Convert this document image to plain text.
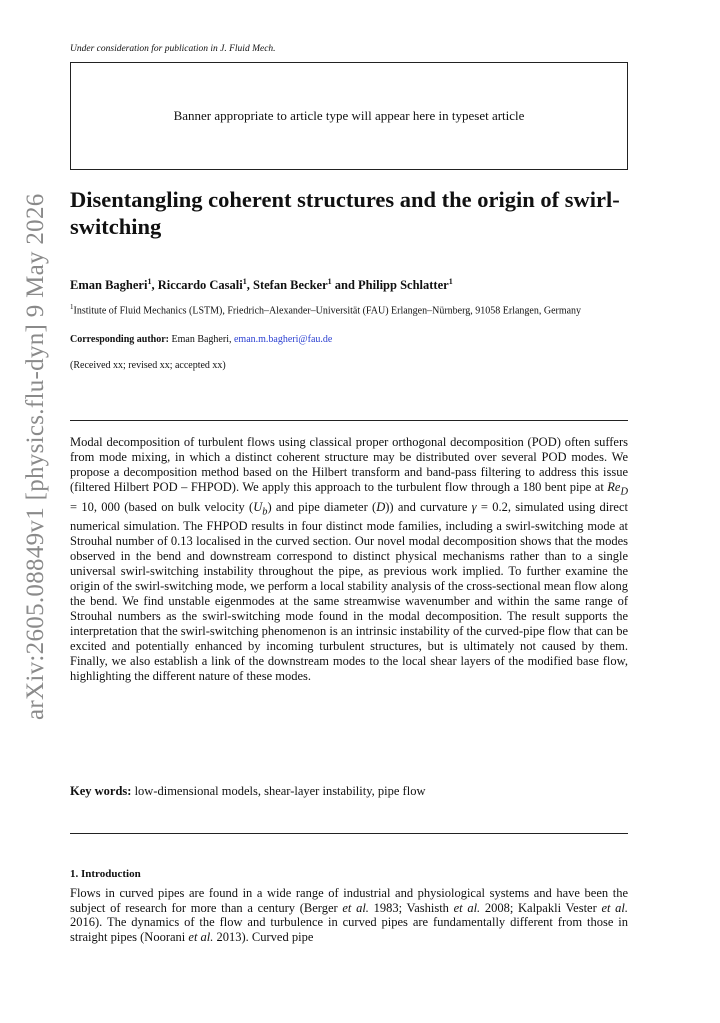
Under consideration for publication in J. Fluid Mech.
Banner appropriate to article type will appear here in typeset article
Disentangling coherent structures and the origin of swirl-switching
Eman Bagheri$^1$, Riccardo Casali$^1$, Stefan Becker$^1$ and Philipp Schlatter$^1$
$^1$Institute of Fluid Mechanics (LSTM), Friedrich–Alexander–Universität (FAU) Erlangen–Nürnberg, 91058 Erlangen, Germany
Corresponding author: Eman Bagheri, eman.m.bagheri@fau.de
(Received xx; revised xx; accepted xx)
Modal decomposition of turbulent flows using classical proper orthogonal decomposition (POD) often suffers from mode mixing, in which a distinct coherent structure may be distributed over several POD modes. We propose a decomposition method based on the Hilbert transform and band-pass filtering to address this issue (filtered Hilbert POD – FHPOD). We apply this approach to the turbulent flow through a 180 bent pipe at $Re_D = 10$, 000 (based on bulk velocity $(U_b)$ and pipe diameter (D)) and curvature γ = 0.2, simulated using direct numerical simulation. The FHPOD results in four distinct mode families, including a swirl-switching mode at Strouhal number of 0.13 localised in the curved section. Our novel modal decomposition shows that the modes observed in the bend and downstream correspond to distinct physical mechanisms rather than to a single universal swirl-switching instability throughout the pipe, as previous work implied. To further examine the origin of the swirl-switching mode, we perform a local stability analysis of the cross-sectional mean flow along the bend. We find unstable eigenmodes at the same streamwise wavenumber and within the same range of Strouhal numbers as the swirl-switching mode found in the modal decomposition. The result supports the interpretation that the swirl-switching phenomenon is an intrinsic instability of the curved-pipe flow that can be excited and potentially enhanced by incoming turbulent structures, but is ultimately not caused by them. Finally, we also establish a link of the downstream modes to the local shear layers of the modified base flow, highlighting the different nature of these modes.
Key words: low-dimensional models, shear-layer instability, pipe flow
1. Introduction
Flows in curved pipes are found in a wide range of industrial and physiological systems and have been the subject of research for more than a century (Berger et al. 1983; Vashisth et al. 2008; Kalpakli Vester et al. 2016). The dynamics of the flow and turbulence in curved pipes are fundamentally different from those in straight pipes (Noorani et al. 2013). Curved pipe
arXiv:2605.08849v1 [physics.flu-dyn] 9 May 2026
